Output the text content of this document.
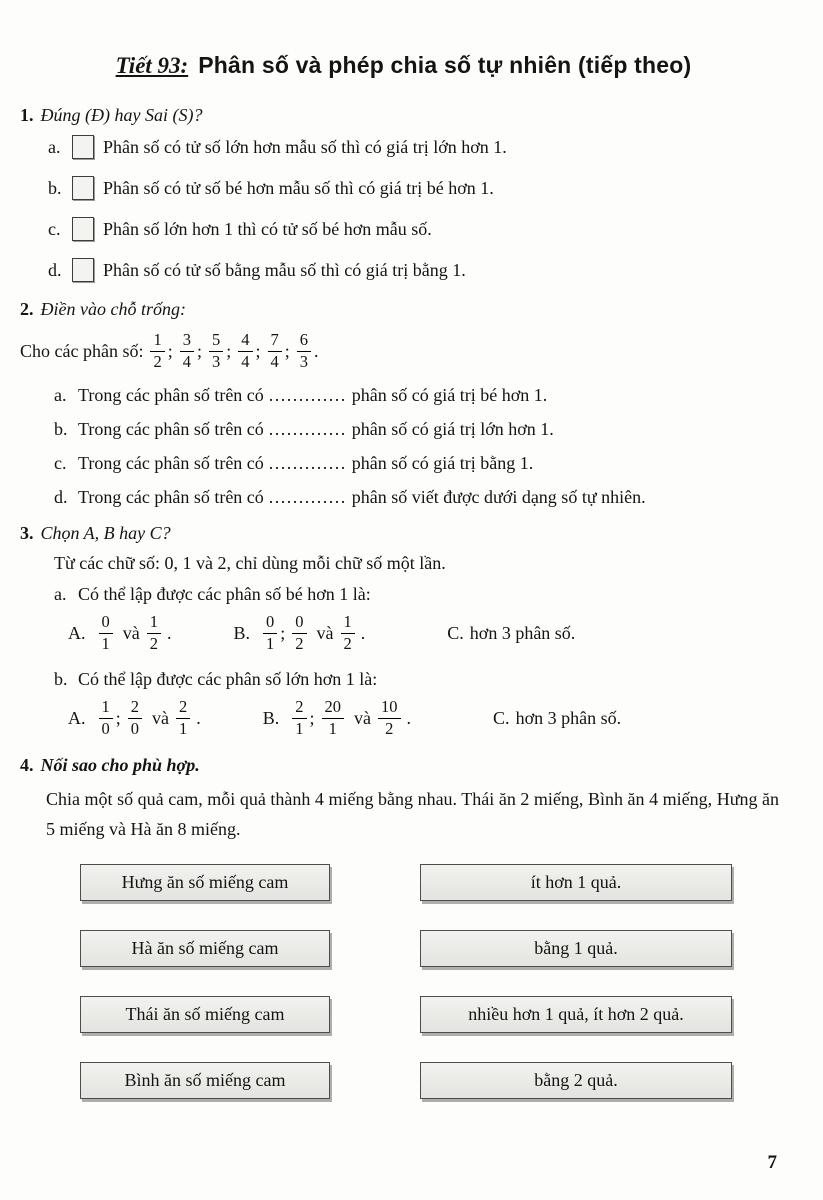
Tiết 93: Phân số và phép chia số tự nhiên (tiếp theo)
1. Đúng (Đ) hay Sai (S)?
a.	Phân số có tử số lớn hơn mẫu số thì có giá trị lớn hơn 1.
b.	Phân số có tử số bé hơn mẫu số thì có giá trị bé hơn 1.
c.	Phân số lớn hơn 1 thì có tử số bé hơn mẫu số.
d.	Phân số có tử số bằng mẫu số thì có giá trị bằng 1.
2. Điền vào chỗ trống:
Cho các phân số: $\frac{1}{2}$ ; $\frac{3}{4}$ ; $\frac{5}{3}$ ; $\frac{4}{4}$ ; $\frac{7}{4}$ ; $\frac{6}{3}$ .
a. Trong các phân số trên có ............. phân số có giá trị bé hơn 1.
b. Trong các phân số trên có ............. phân số có giá trị lớn hơn 1.
c. Trong các phân số trên có ............. phân số có giá trị bằng 1.
d. Trong các phân số trên có ............. phân số viết được dưới dạng số tự nhiên.
3. Chọn A, B hay C?
Từ các chữ số: 0, 1 và 2, chỉ dùng mỗi chữ số một lần.
a. Có thể lập được các phân số bé hơn 1 là:
A. $\frac{0}{1}$ và $\frac{1}{2}$ .	B. $\frac{0}{1}$ ; $\frac{0}{2}$ và $\frac{1}{2}$ .	C. hơn 3 phân số.
b. Có thể lập được các phân số lớn hơn 1 là:
A. $\frac{1}{0}$ ; $\frac{2}{0}$ và $\frac{2}{1}$ .	B. $\frac{2}{1}$ ; $\frac{20}{1}$ và $\frac{10}{2}$ .	C. hơn 3 phân số.
4. Nối sao cho phù hợp.
Chia một số quả cam, mỗi quả thành 4 miếng bằng nhau. Thái ăn 2 miếng, Bình ăn 4 miếng, Hưng ăn 5 miếng và Hà ăn 8 miếng.
Hưng ăn số miếng cam	ít hơn 1 quả.
Hà ăn số miếng cam	bằng 1 quả.
Thái ăn số miếng cam	nhiều hơn 1 quả, ít hơn 2 quả.
Bình ăn số miếng cam	bằng 2 quả.
7
